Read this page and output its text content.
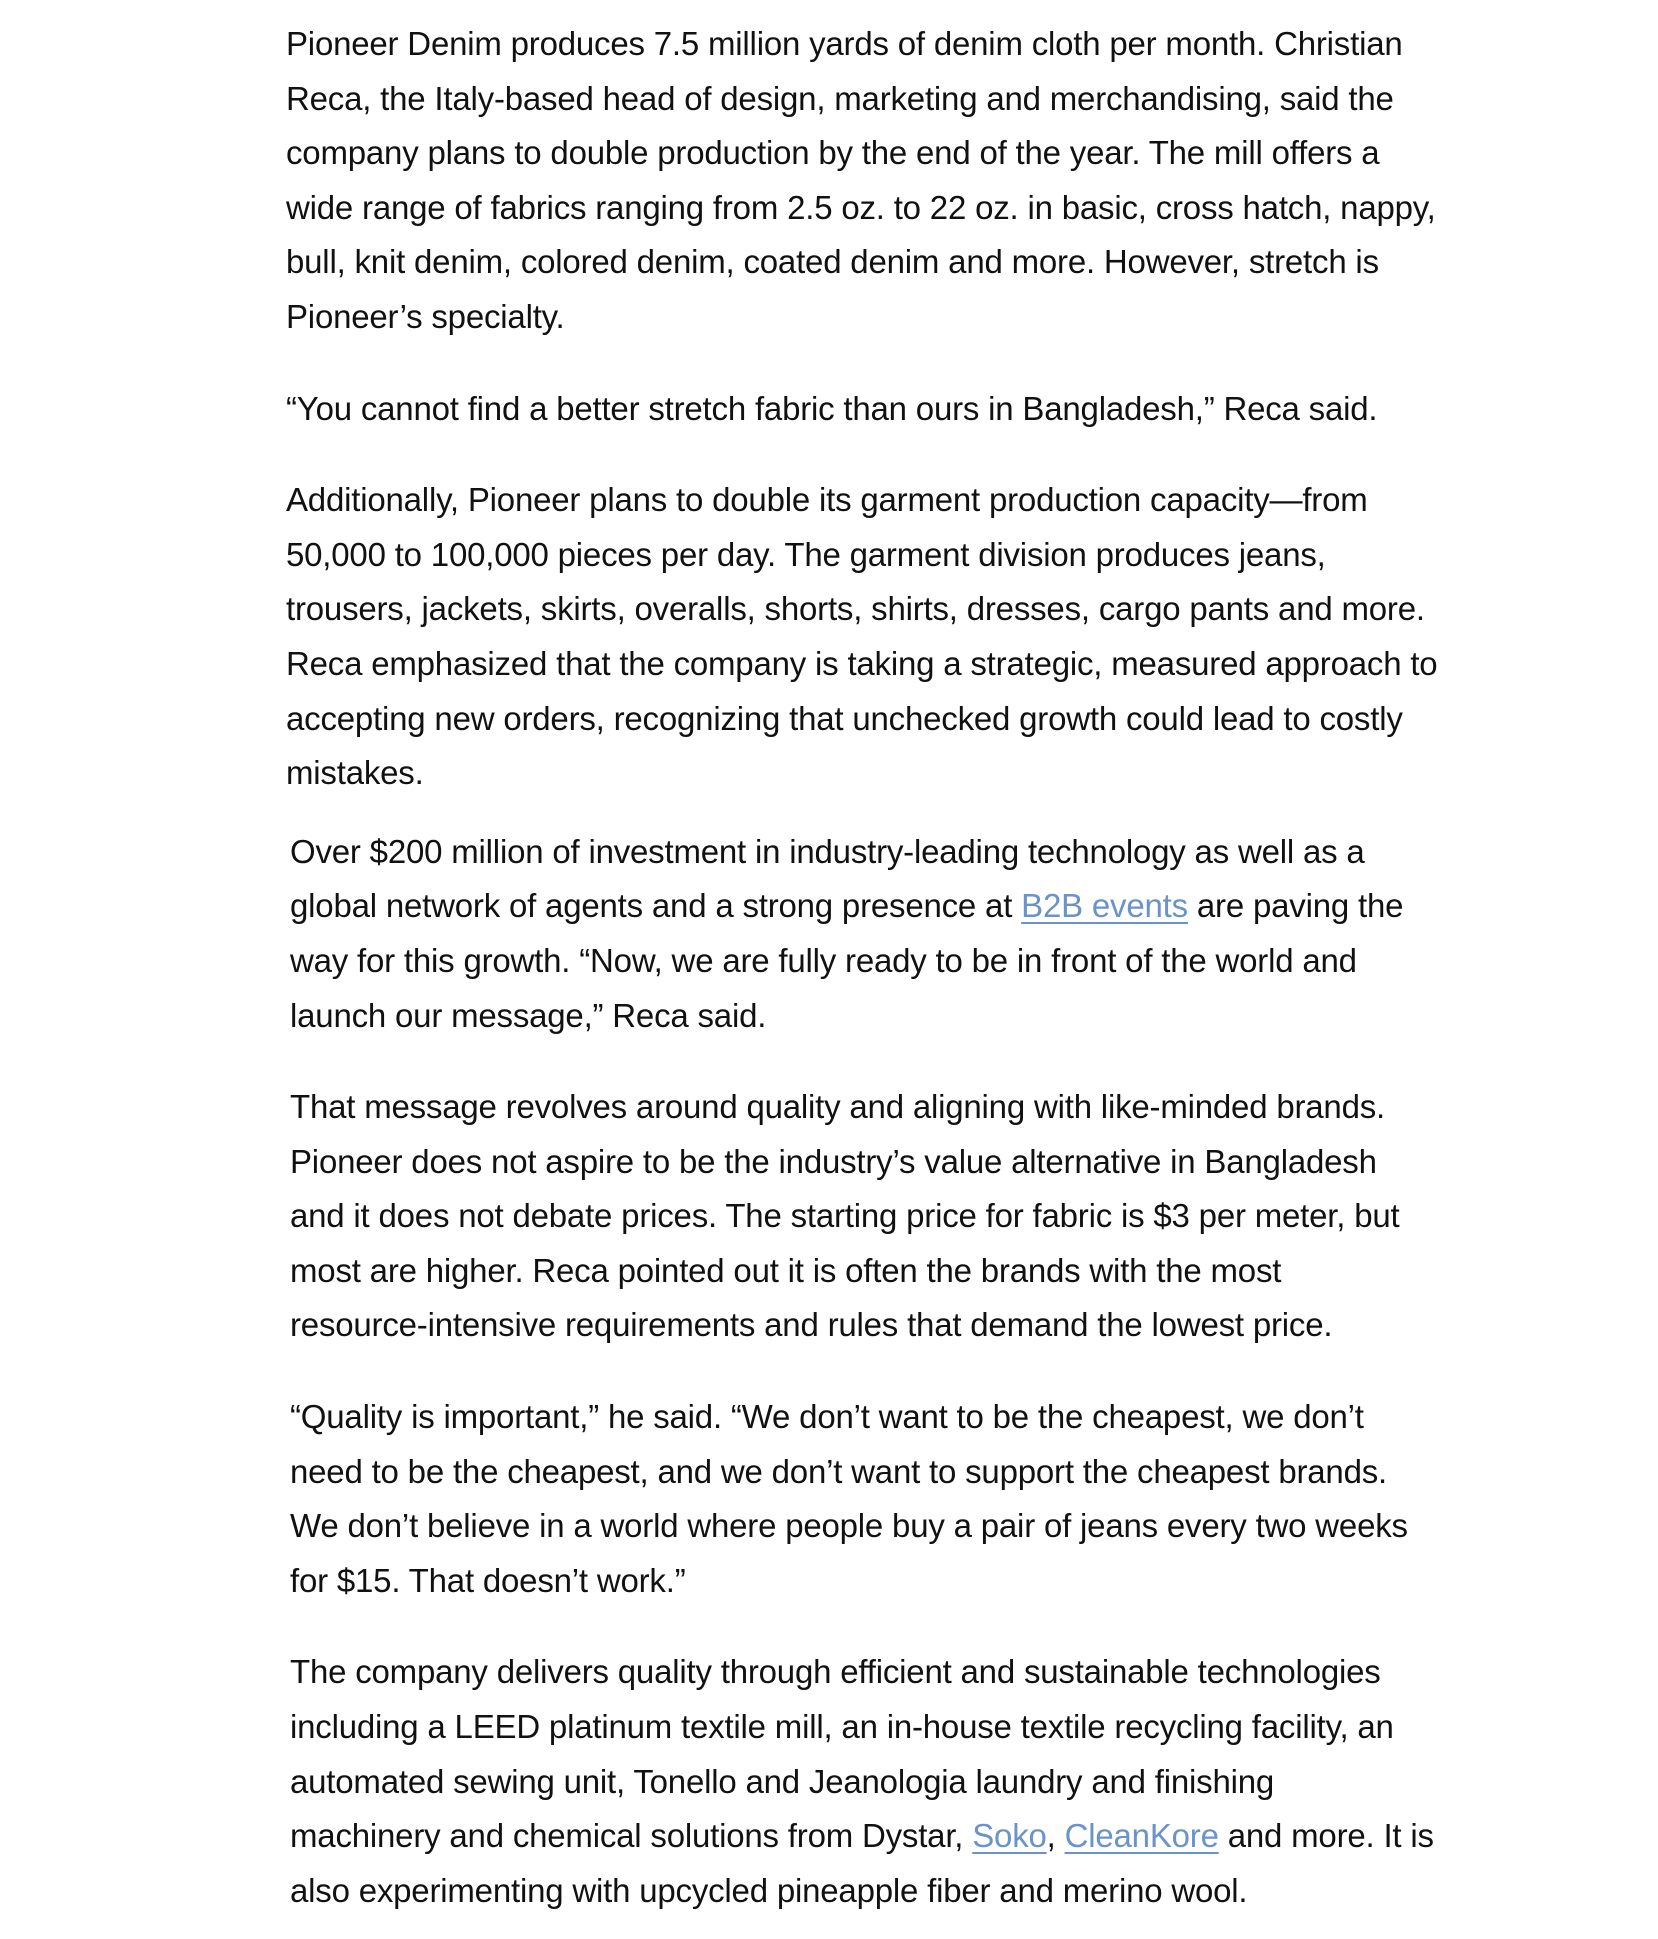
Pioneer Denim produces 7.5 million yards of denim cloth per month. Christian
Reca, the Italy-based head of design, marketing and merchandising, said the
company plans to double production by the end of the year. The mill offers a
wide range of fabrics ranging from 2.5 oz. to 22 oz. in basic, cross hatch, nappy,
bull, knit denim, colored denim, coated denim and more. However, stretch is
Pioneer’s specialty.

“You cannot find a better stretch fabric than ours in Bangladesh,” Reca said.

Additionally, Pioneer plans to double its garment production capacity—from
50,000 to 100,000 pieces per day. The garment division produces jeans,
trousers, jackets, skirts, overalls, shorts, shirts, dresses, cargo pants and more.
Reca emphasized that the company is taking a strategic, measured approach to
accepting new orders, recognizing that unchecked growth could lead to costly
mistakes.

Over $200 million of investment in industry-leading technology as well as a
global network of agents and a strong presence at B2B events are paving the
way for this growth. “Now, we are fully ready to be in front of the world and
launch our message,” Reca said.

That message revolves around quality and aligning with like-minded brands.
Pioneer does not aspire to be the industry’s value alternative in Bangladesh
and it does not debate prices. The starting price for fabric is $3 per meter, but
most are higher. Reca pointed out it is often the brands with the most
resource-intensive requirements and rules that demand the lowest price.

“Quality is important,” he said. “We don’t want to be the cheapest, we don’t
need to be the cheapest, and we don’t want to support the cheapest brands.
We don’t believe in a world where people buy a pair of jeans every two weeks
for $15. That doesn’t work.”

The company delivers quality through efficient and sustainable technologies
including a LEED platinum textile mill, an in-house textile recycling facility, an
automated sewing unit, Tonello and Jeanologia laundry and finishing
machinery and chemical solutions from Dystar, Soko, CleanKore and more. It is
also experimenting with upcycled pineapple fiber and merino wool.
